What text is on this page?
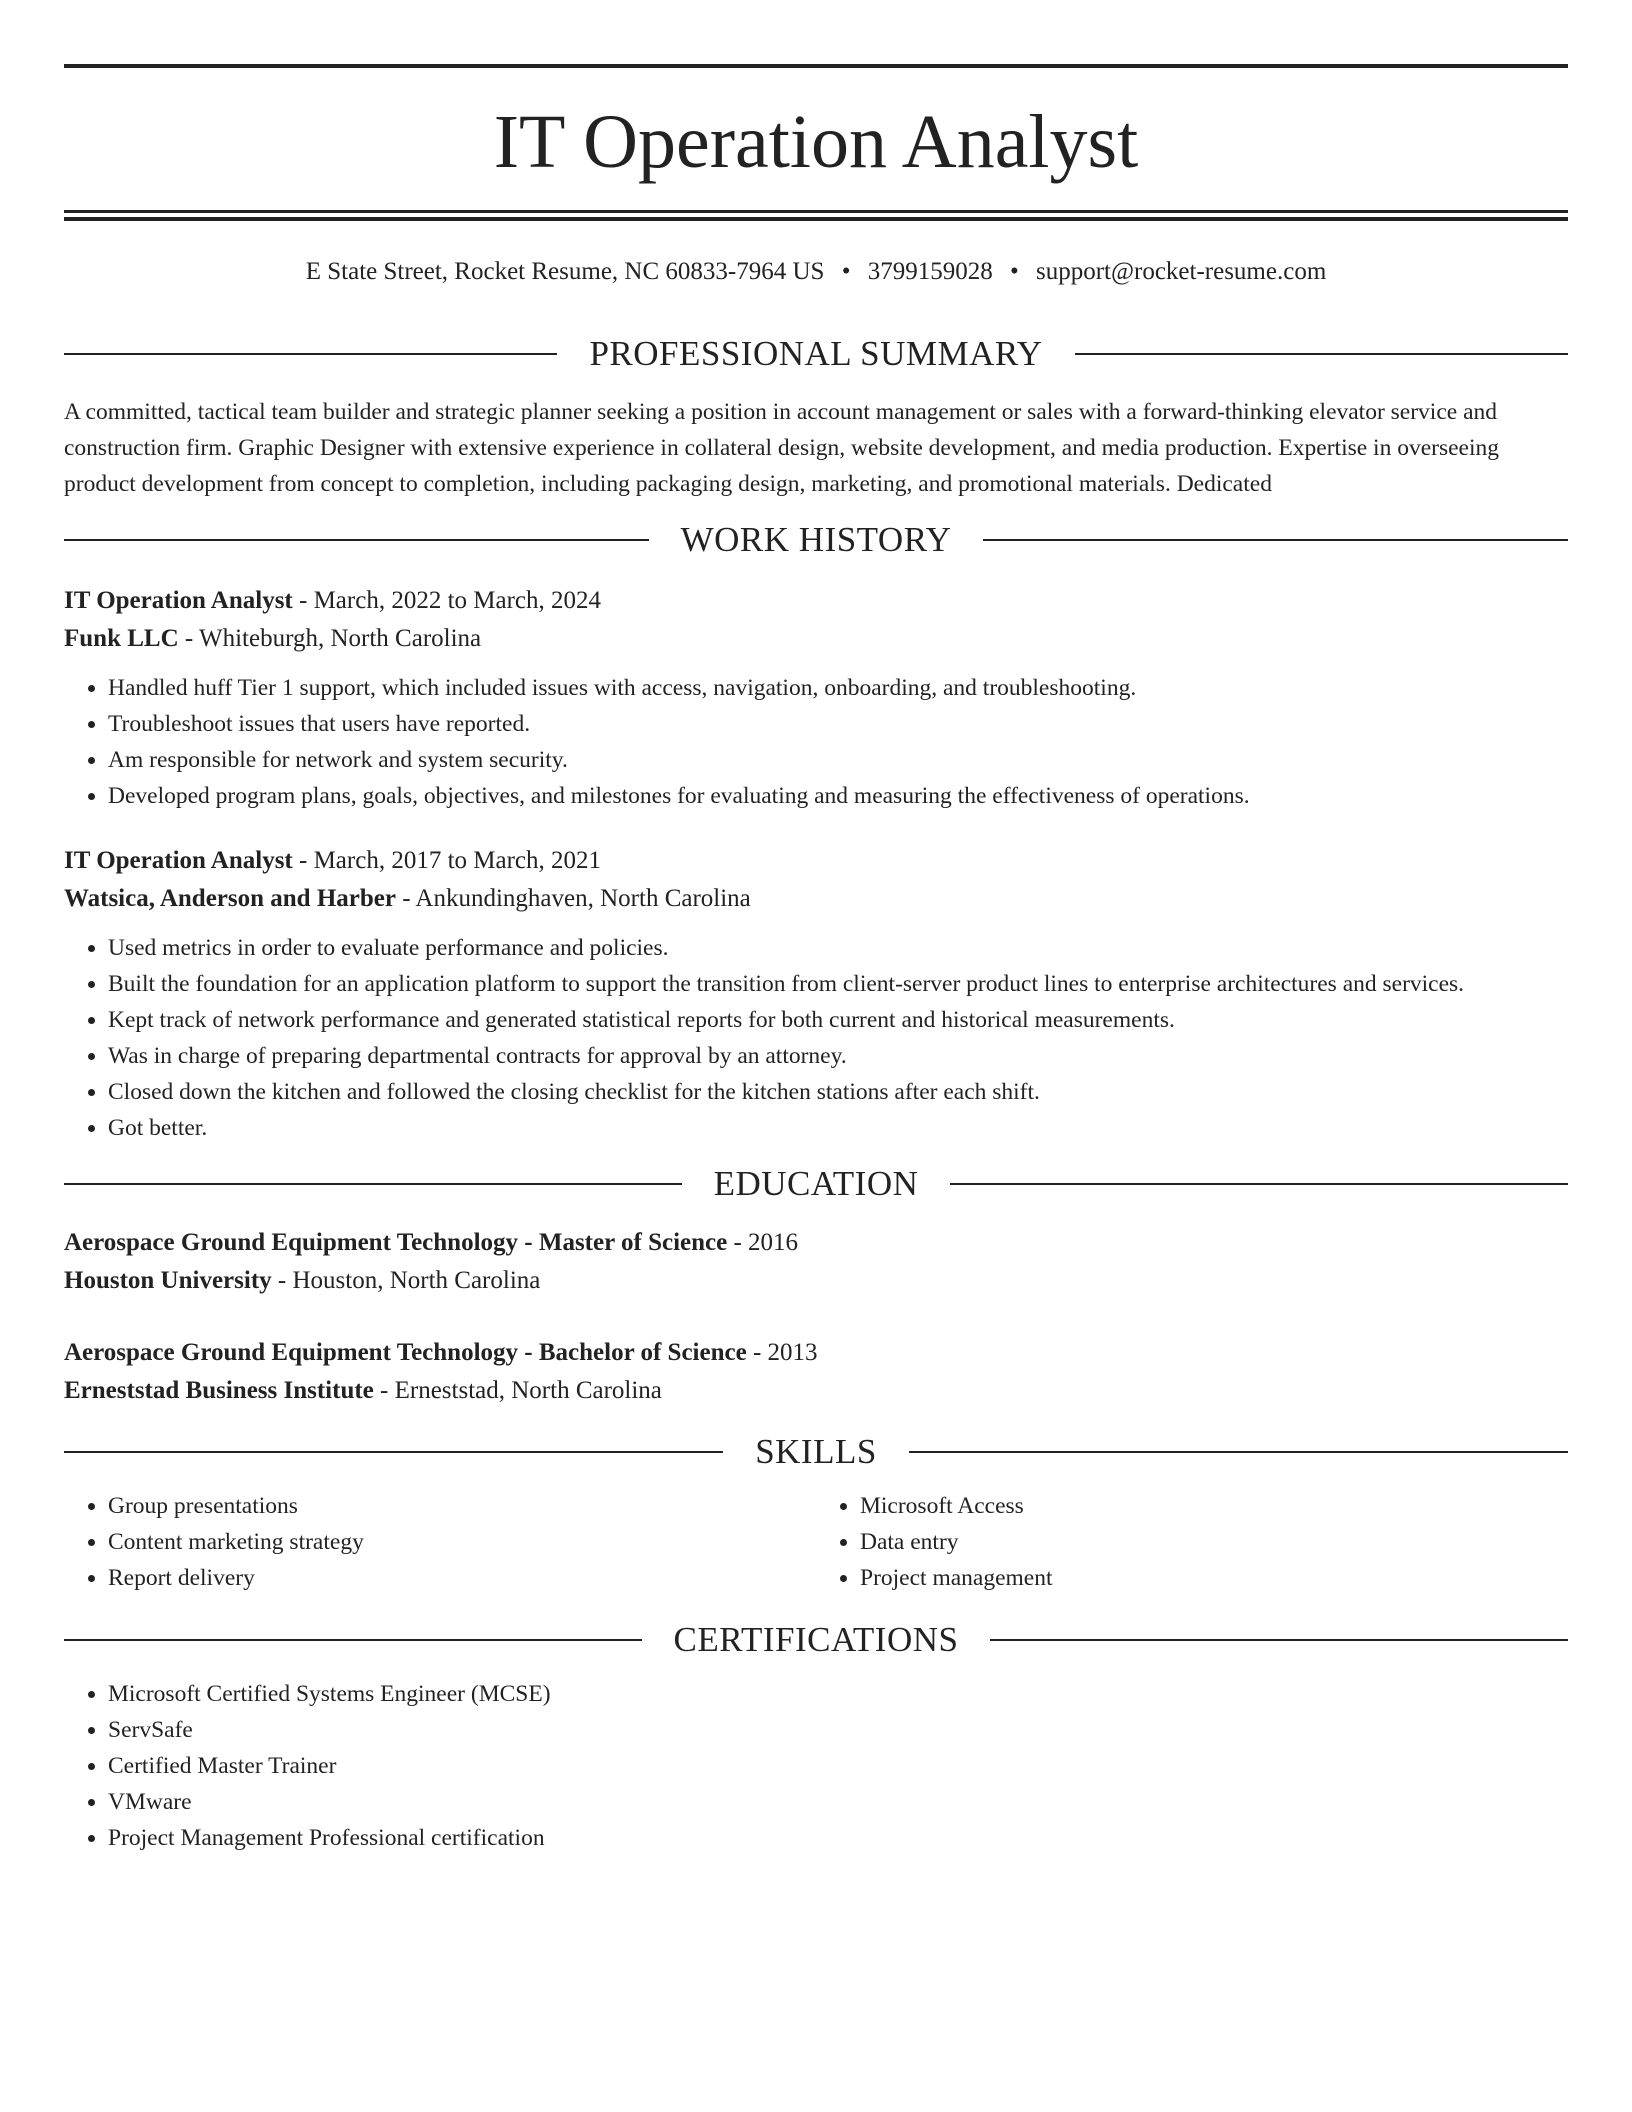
IT Operation Analyst
E State Street, Rocket Resume, NC 60833-7964 US • 3799159028 • support@rocket-resume.com
PROFESSIONAL SUMMARY
A committed, tactical team builder and strategic planner seeking a position in account management or sales with a forward-thinking elevator service and construction firm. Graphic Designer with extensive experience in collateral design, website development, and media production. Expertise in overseeing product development from concept to completion, including packaging design, marketing, and promotional materials. Dedicated
WORK HISTORY
IT Operation Analyst - March, 2022 to March, 2024
Funk LLC - Whiteburgh, North Carolina
• Handled huff Tier 1 support, which included issues with access, navigation, onboarding, and troubleshooting.
• Troubleshoot issues that users have reported.
• Am responsible for network and system security.
• Developed program plans, goals, objectives, and milestones for evaluating and measuring the effectiveness of operations.
IT Operation Analyst - March, 2017 to March, 2021
Watsica, Anderson and Harber - Ankundinghaven, North Carolina
• Used metrics in order to evaluate performance and policies.
• Built the foundation for an application platform to support the transition from client-server product lines to enterprise architectures and services.
• Kept track of network performance and generated statistical reports for both current and historical measurements.
• Was in charge of preparing departmental contracts for approval by an attorney.
• Closed down the kitchen and followed the closing checklist for the kitchen stations after each shift.
• Got better.
EDUCATION
Aerospace Ground Equipment Technology - Master of Science - 2016
Houston University - Houston, North Carolina
Aerospace Ground Equipment Technology - Bachelor of Science - 2013
Erneststad Business Institute - Erneststad, North Carolina
SKILLS
• Group presentations
• Content marketing strategy
• Report delivery
• Microsoft Access
• Data entry
• Project management
CERTIFICATIONS
• Microsoft Certified Systems Engineer (MCSE)
• ServSafe
• Certified Master Trainer
• VMware
• Project Management Professional certification
